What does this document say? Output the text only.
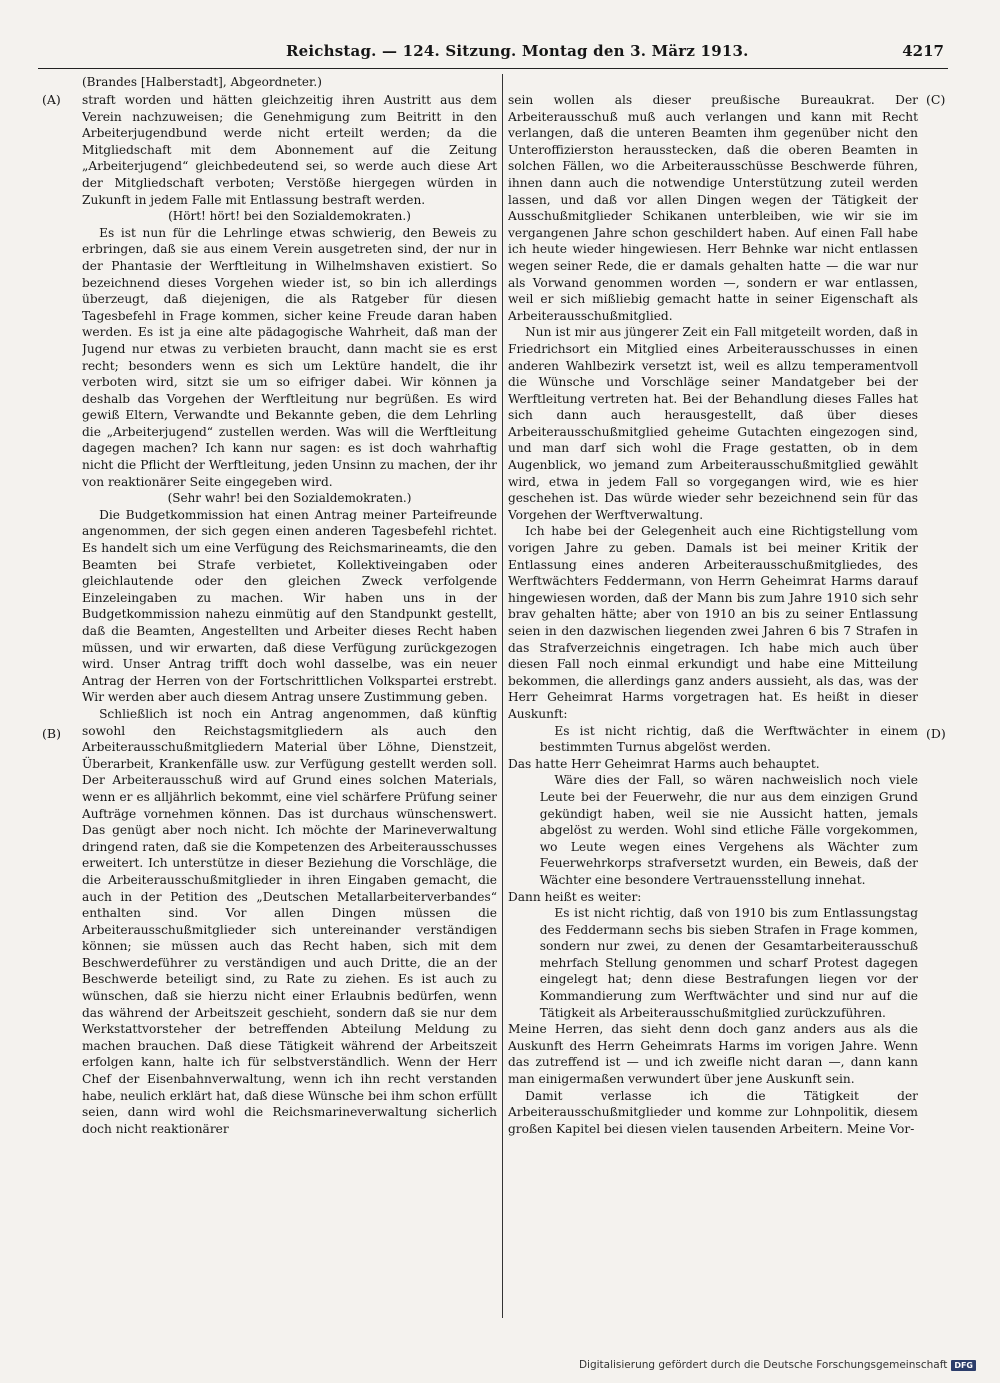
Reichstag. — 124. Sitzung. Montag den 3. März 1913.	4217
(Brandes [Halberstadt], Abgeordneter.)
(A)
(B)
(C)
(D)

straft worden und hätten gleichzeitig ihren Austritt aus dem Verein nachzuweisen; die Genehmigung zum Beitritt in den Arbeiterjugendbund werde nicht erteilt werden; da die Mitgliedschaft mit dem Abonnement auf die Zeitung „Arbeiterjugend“ gleichbedeutend sei, so werde auch diese Art der Mitgliedschaft verboten; Verstöße hiergegen würden in Zukunft in jedem Falle mit Entlassung bestraft werden.

(Hört! hört! bei den Sozialdemokraten.)

Es ist nun für die Lehrlinge etwas schwierig, den Beweis zu erbringen, daß sie aus einem Verein ausgetreten sind, der nur in der Phantasie der Werftleitung in Wilhelmshaven existiert. So bezeichnend dieses Vorgehen wieder ist, so bin ich allerdings überzeugt, daß diejenigen, die als Ratgeber für diesen Tagesbefehl in Frage kommen, sicher keine Freude daran haben werden. Es ist ja eine alte pädagogische Wahrheit, daß man der Jugend nur etwas zu verbieten braucht, dann macht sie es erst recht; besonders wenn es sich um Lektüre handelt, die ihr verboten wird, sitzt sie um so eifriger dabei. Wir können ja deshalb das Vorgehen der Werftleitung nur begrüßen. Es wird gewiß Eltern, Verwandte und Bekannte geben, die dem Lehrling die „Arbeiterjugend“ zustellen werden. Was will die Werftleitung dagegen machen? Ich kann nur sagen: es ist doch wahrhaftig nicht die Pflicht der Werftleitung, jeden Unsinn zu machen, der ihr von reaktionärer Seite eingegeben wird.

(Sehr wahr! bei den Sozialdemokraten.)

Die Budgetkommission hat einen Antrag meiner Parteifreunde angenommen, der sich gegen einen anderen Tagesbefehl richtet. Es handelt sich um eine Verfügung des Reichsmarineamts, die den Beamten bei Strafe verbietet, Kollektiveingaben oder gleichlautende oder den gleichen Zweck verfolgende Einzeleingaben zu machen. Wir haben uns in der Budgetkommission nahezu einmütig auf den Standpunkt gestellt, daß die Beamten, Angestellten und Arbeiter dieses Recht haben müssen, und wir erwarten, daß diese Verfügung zurückgezogen wird. Unser Antrag trifft doch wohl dasselbe, was ein neuer Antrag der Herren von der Fortschrittlichen Volkspartei erstrebt. Wir werden aber auch diesem Antrag unsere Zustimmung geben.

Schließlich ist noch ein Antrag angenommen, daß künftig sowohl den Reichstagsmitgliedern als auch den Arbeiterausschußmitgliedern Material über Löhne, Dienstzeit, Überarbeit, Krankenfälle usw. zur Verfügung gestellt werden soll. Der Arbeiterausschuß wird auf Grund eines solchen Materials, wenn er es alljährlich bekommt, eine viel schärfere Prüfung seiner Aufträge vornehmen können. Das ist durchaus wünschenswert. Das genügt aber noch nicht. Ich möchte der Marineverwaltung dringend raten, daß sie die Kompetenzen des Arbeiterausschusses erweitert. Ich unterstütze in dieser Beziehung die Vorschläge, die die Arbeiterausschußmitglieder in ihren Eingaben gemacht, die auch in der Petition des „Deutschen Metallarbeiterverbandes“ enthalten sind. Vor allen Dingen müssen die Arbeiterausschußmitglieder sich untereinander verständigen können; sie müssen auch das Recht haben, sich mit dem Beschwerdeführer zu verständigen und auch Dritte, die an der Beschwerde beteiligt sind, zu Rate zu ziehen. Es ist auch zu wünschen, daß sie hierzu nicht einer Erlaubnis bedürfen, wenn das während der Arbeitszeit geschieht, sondern daß sie nur dem Werkstattvorsteher der betreffenden Abteilung Meldung zu machen brauchen. Daß diese Tätigkeit während der Arbeitszeit erfolgen kann, halte ich für selbstverständlich. Wenn der Herr Chef der Eisenbahnverwaltung, wenn ich ihn recht verstanden habe, neulich erklärt hat, daß diese Wünsche bei ihm schon erfüllt seien, dann wird wohl die Reichsmarineverwaltung sicherlich doch nicht reaktionärer

sein wollen als dieser preußische Bureaukrat. Der Arbeiterausschuß muß auch verlangen und kann mit Recht verlangen, daß die unteren Beamten ihm gegenüber nicht den Unteroffizierston herausstecken, daß die oberen Beamten in solchen Fällen, wo die Arbeiterausschüsse Beschwerde führen, ihnen dann auch die notwendige Unterstützung zuteil werden lassen, und daß vor allen Dingen wegen der Tätigkeit der Ausschußmitglieder Schikanen unterbleiben, wie wir sie im vergangenen Jahre schon geschildert haben. Auf einen Fall habe ich heute wieder hingewiesen. Herr Behnke war nicht entlassen wegen seiner Rede, die er damals gehalten hatte — die war nur als Vorwand genommen worden —, sondern er war entlassen, weil er sich mißliebig gemacht hatte in seiner Eigenschaft als Arbeiterausschußmitglied.

Nun ist mir aus jüngerer Zeit ein Fall mitgeteilt worden, daß in Friedrichsort ein Mitglied eines Arbeiterausschusses in einen anderen Wahlbezirk versetzt ist, weil es allzu temperamentvoll die Wünsche und Vorschläge seiner Mandatgeber bei der Werftleitung vertreten hat. Bei der Behandlung dieses Falles hat sich dann auch herausgestellt, daß über dieses Arbeiterausschußmitglied geheime Gutachten eingezogen sind, und man darf sich wohl die Frage gestatten, ob in dem Augenblick, wo jemand zum Arbeiterausschußmitglied gewählt wird, etwa in jedem Fall so vorgegangen wird, wie es hier geschehen ist. Das würde wieder sehr bezeichnend sein für das Vorgehen der Werftverwaltung.

Ich habe bei der Gelegenheit auch eine Richtigstellung vom vorigen Jahre zu geben. Damals ist bei meiner Kritik der Entlassung eines anderen Arbeiterausschußmitgliedes, des Werftwächters Feddermann, von Herrn Geheimrat Harms darauf hingewiesen worden, daß der Mann bis zum Jahre 1910 sich sehr brav gehalten hätte; aber von 1910 an bis zu seiner Entlassung seien in den dazwischen liegenden zwei Jahren 6 bis 7 Strafen in das Strafverzeichnis eingetragen. Ich habe mich auch über diesen Fall noch einmal erkundigt und habe eine Mitteilung bekommen, die allerdings ganz anders aussieht, als das, was der Herr Geheimrat Harms vorgetragen hat. Es heißt in dieser Auskunft:

Es ist nicht richtig, daß die Werftwächter in einem bestimmten Turnus abgelöst werden.

Das hatte Herr Geheimrat Harms auch behauptet.

Wäre dies der Fall, so wären nachweislich noch viele Leute bei der Feuerwehr, die nur aus dem einzigen Grund gekündigt haben, weil sie nie Aussicht hatten, jemals abgelöst zu werden. Wohl sind etliche Fälle vorgekommen, wo Leute wegen eines Vergehens als Wächter zum Feuerwehrkorps strafversetzt wurden, ein Beweis, daß der Wächter eine besondere Vertrauensstellung innehat.

Dann heißt es weiter:

Es ist nicht richtig, daß von 1910 bis zum Entlassungstag des Feddermann sechs bis sieben Strafen in Frage kommen, sondern nur zwei, zu denen der Gesamtarbeiterausschuß mehrfach Stellung genommen und scharf Protest dagegen eingelegt hat; denn diese Bestrafungen liegen vor der Kommandierung zum Werftwächter und sind nur auf die Tätigkeit als Arbeiterausschußmitglied zurückzuführen.

Meine Herren, das sieht denn doch ganz anders aus als die Auskunft des Herrn Geheimrats Harms im vorigen Jahre. Wenn das zutreffend ist — und ich zweifle nicht daran —, dann kann man einigermaßen verwundert über jene Auskunft sein.

Damit verlasse ich die Tätigkeit der Arbeiterausschußmitglieder und komme zur Lohnpolitik, diesem großen Kapitel bei diesen vielen tausenden Arbeitern. Meine Vor-

Digitalisierung gefördert durch die Deutsche Forschungsgemeinschaft DFG
